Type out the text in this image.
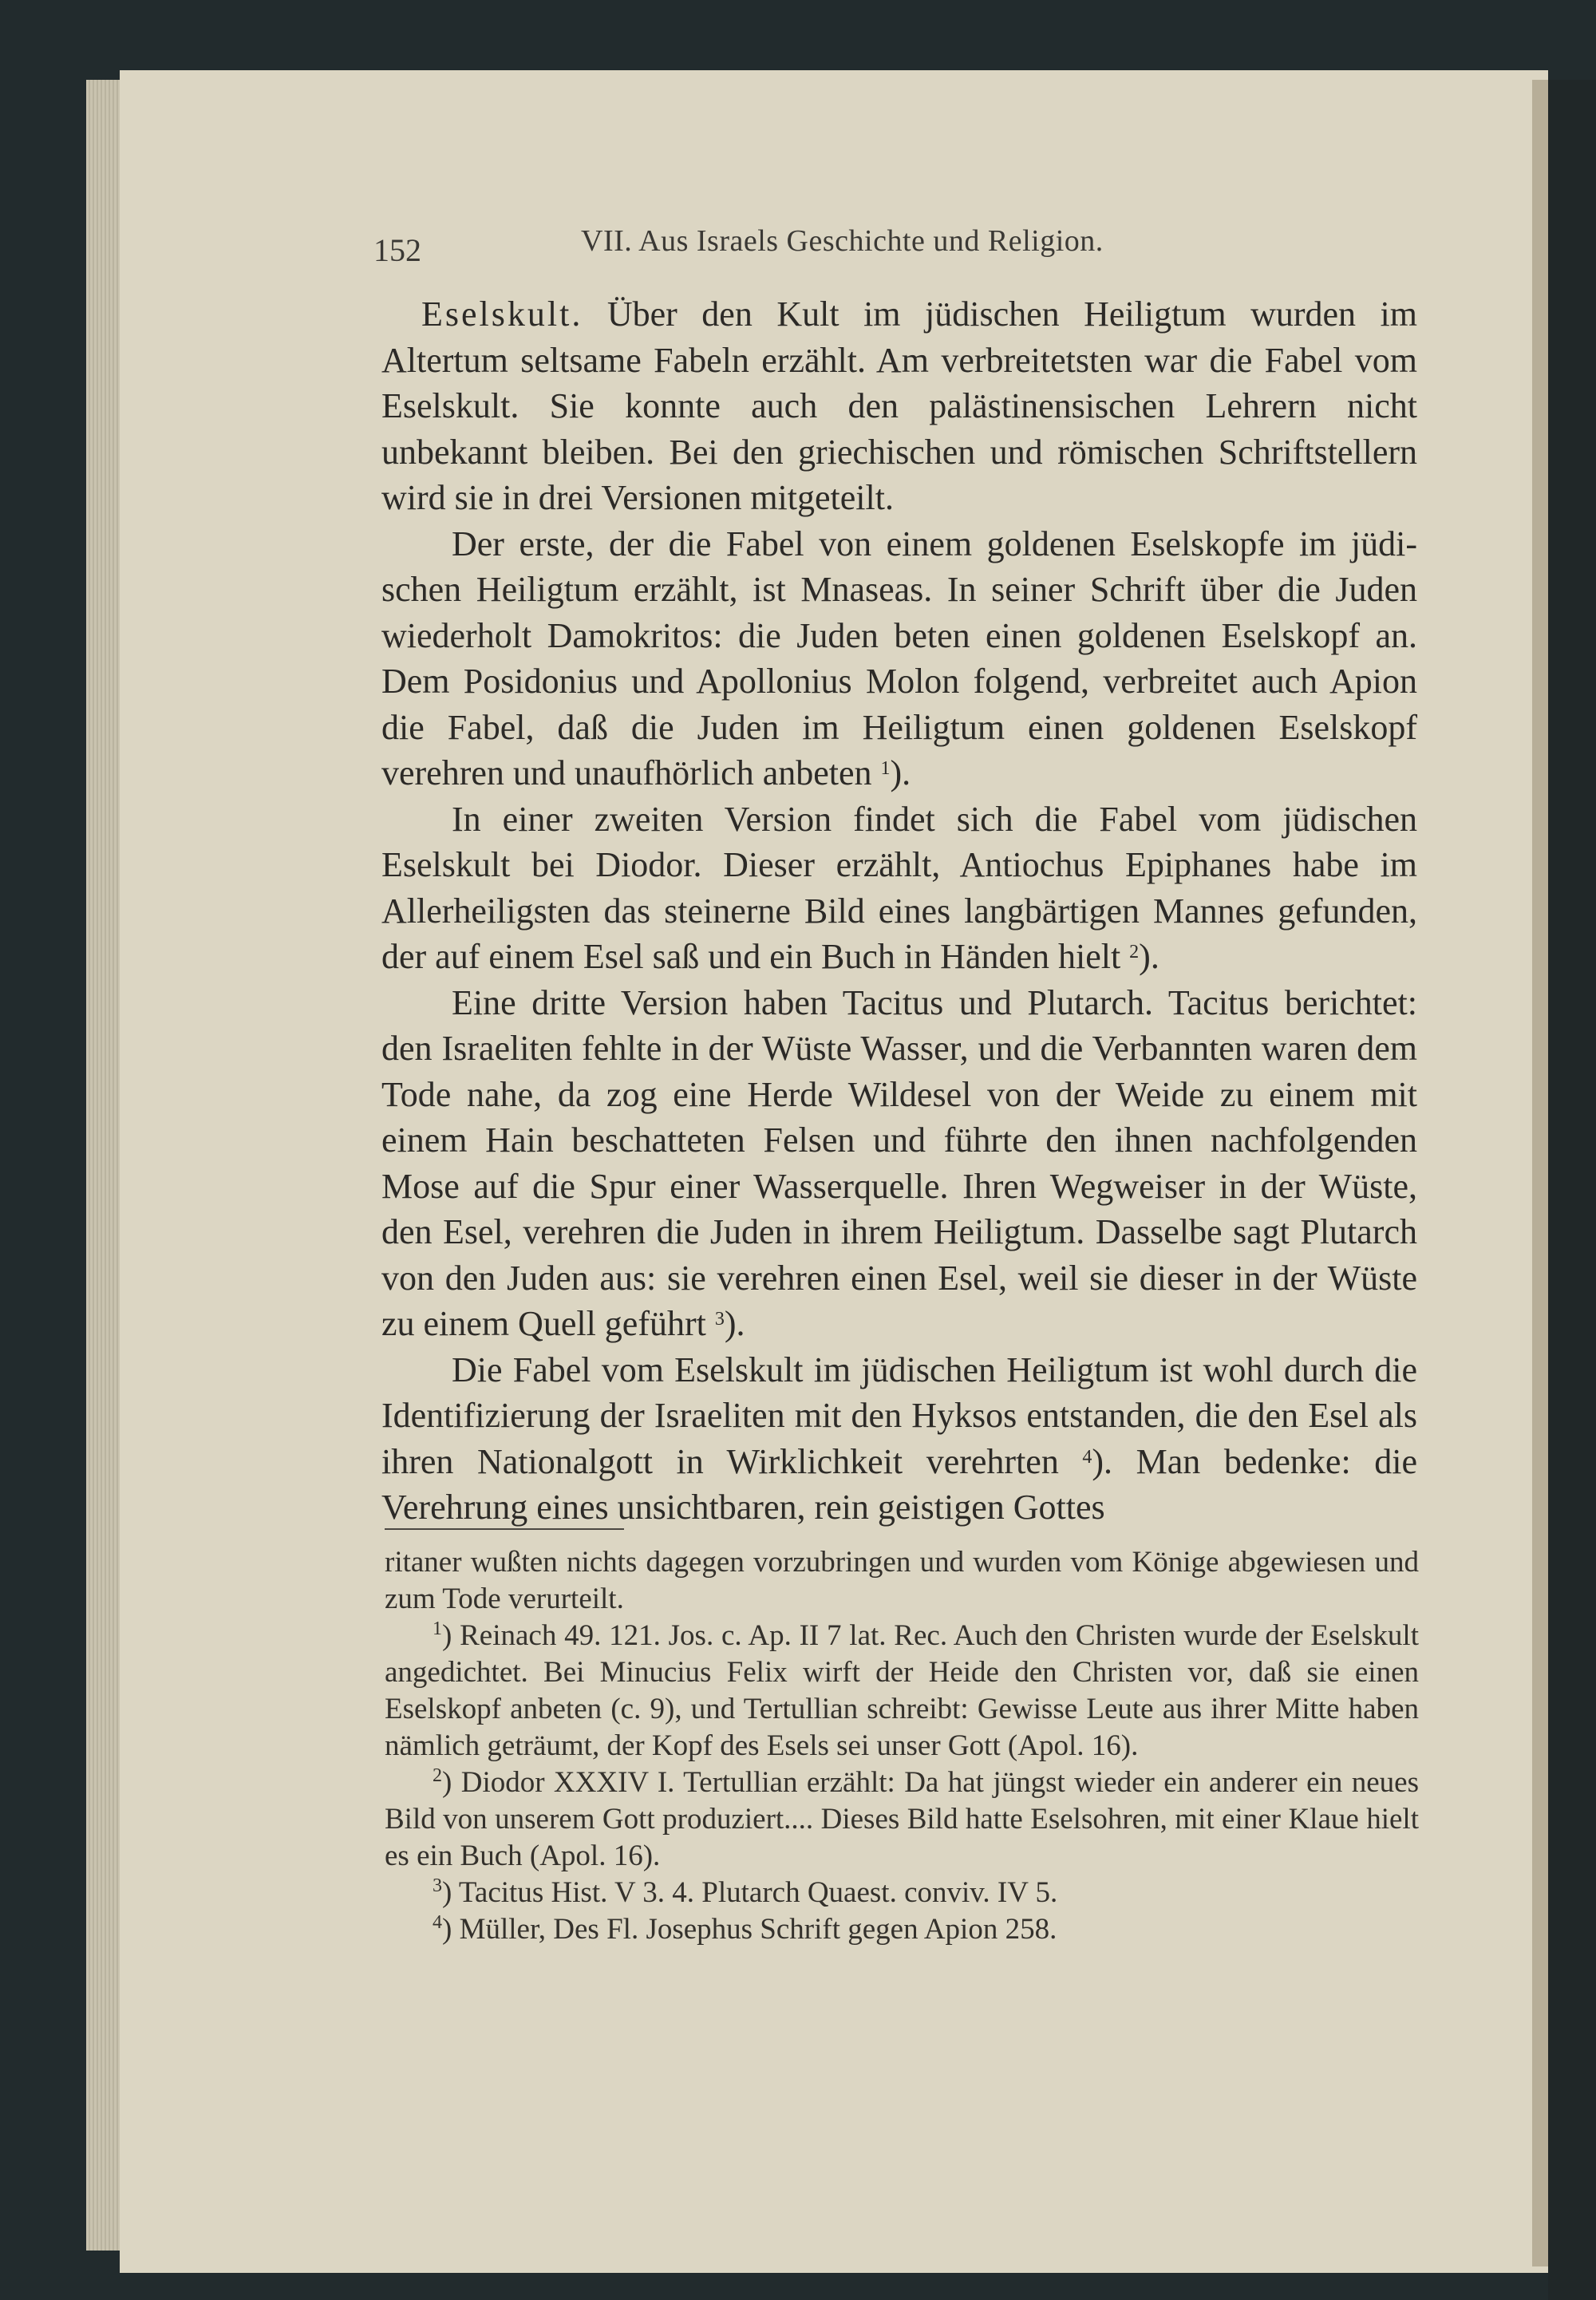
152	VII. Aus Israels Geschichte und Religion.

Eselskult. Über den Kult im jüdischen Heiligtum wurden im Altertum seltsame Fabeln erzählt. Am verbreitetsten war die Fabel vom Eselskult. Sie konnte auch den palästinensischen Lehrern nicht unbekannt bleiben. Bei den griechischen und römischen Schriftstellern wird sie in drei Versionen mitgeteilt.

Der erste, der die Fabel von einem goldenen Eselskopfe im jüdischen Heiligtum erzählt, ist Mnaseas. In seiner Schrift über die Juden wiederholt Damokritos: die Juden beten einen goldenen Eselskopf an. Dem Posidonius und Apollonius Molon folgend, verbreitet auch Apion die Fabel, daß die Juden im Heiligtum einen goldenen Eselskopf verehren und unaufhörlich anbeten $^1$).

In einer zweiten Version findet sich die Fabel vom jüdischen Eselskult bei Diodor. Dieser erzählt, Antiochus Epiphanes habe im Allerheiligsten das steinerne Bild eines langbärtigen Mannes gefunden, der auf einem Esel saß und ein Buch in Händen hielt $^2$).

Eine dritte Version haben Tacitus und Plutarch. Tacitus berichtet: den Israeliten fehlte in der Wüste Wasser, und die Verbannten waren dem Tode nahe, da zog eine Herde Wildesel von der Weide zu einem mit einem Hain beschatteten Felsen und führte den ihnen nachfolgenden Mose auf die Spur einer Wasserquelle. Ihren Wegweiser in der Wüste, den Esel, verehren die Juden in ihrem Heiligtum. Dasselbe sagt Plutarch von den Juden aus: sie verehren einen Esel, weil sie dieser in der Wüste zu einem Quell geführt $^3$).

Die Fabel vom Eselskult im jüdischen Heiligtum ist wohl durch die Identifizierung der Israeliten mit den Hyksos entstanden, die den Esel als ihren Nationalgott in Wirklichkeit verehrten $^4$). Man bedenke: die Verehrung eines unsichtbaren, rein geistigen Gottes

ritaner wußten nichts dagegen vorzubringen und wurden vom Könige abgewiesen und zum Tode verurteilt.

$^1$) Reinach 49. 121. Jos. c. Ap. II 7 lat. Rec. Auch den Christen wurde der Eselskult angedichtet. Bei Minucius Felix wirft der Heide den Christen vor, daß sie einen Eselskopf anbeten (c. 9), und Tertullian schreibt: Gewisse Leute aus ihrer Mitte haben nämlich geträumt, der Kopf des Esels sei unser Gott (Apol. 16).

$^2$) Diodor XXXIV I. Tertullian erzählt: Da hat jüngst wieder ein anderer ein neues Bild von unserem Gott produziert.... Dieses Bild hatte Eselsohren, mit einer Klaue hielt es ein Buch (Apol. 16).

$^3$) Tacitus Hist. V 3. 4. Plutarch Quaest. conviv. IV 5.

$^4$) Müller, Des Fl. Josephus Schrift gegen Apion 258.
